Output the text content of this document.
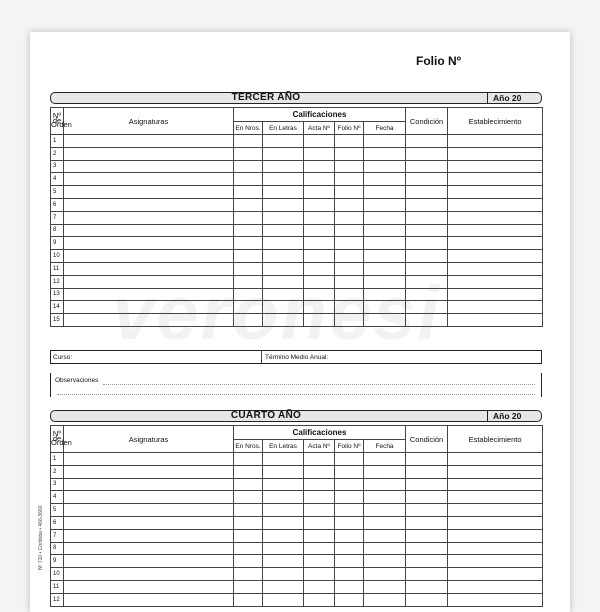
veronesi
Folio Nº
TERCER AÑO	Año 20
Nº de Orden	Asignaturas	Calificaciones					Condición	Establecimiento
		En Nros.	En Letras	Acta Nº	Folio Nº	Fecha		
1								
2								
3								
4								
5								
6								
7								
8								
9								
10								
11								
12								
13								
14								
15								
Curso:	Término Medio Anual:
Observaciones
CUARTO AÑO	Año 20
Nº de Orden	Asignaturas	Calificaciones					Condición	Establecimiento
		En Nros.	En Letras	Acta Nº	Folio Nº	Fecha		
1								
2								
3								
4								
5								
6								
7								
8								
9								
10								
11								
12								
Nº 710 • Córdoba • 466-3660
